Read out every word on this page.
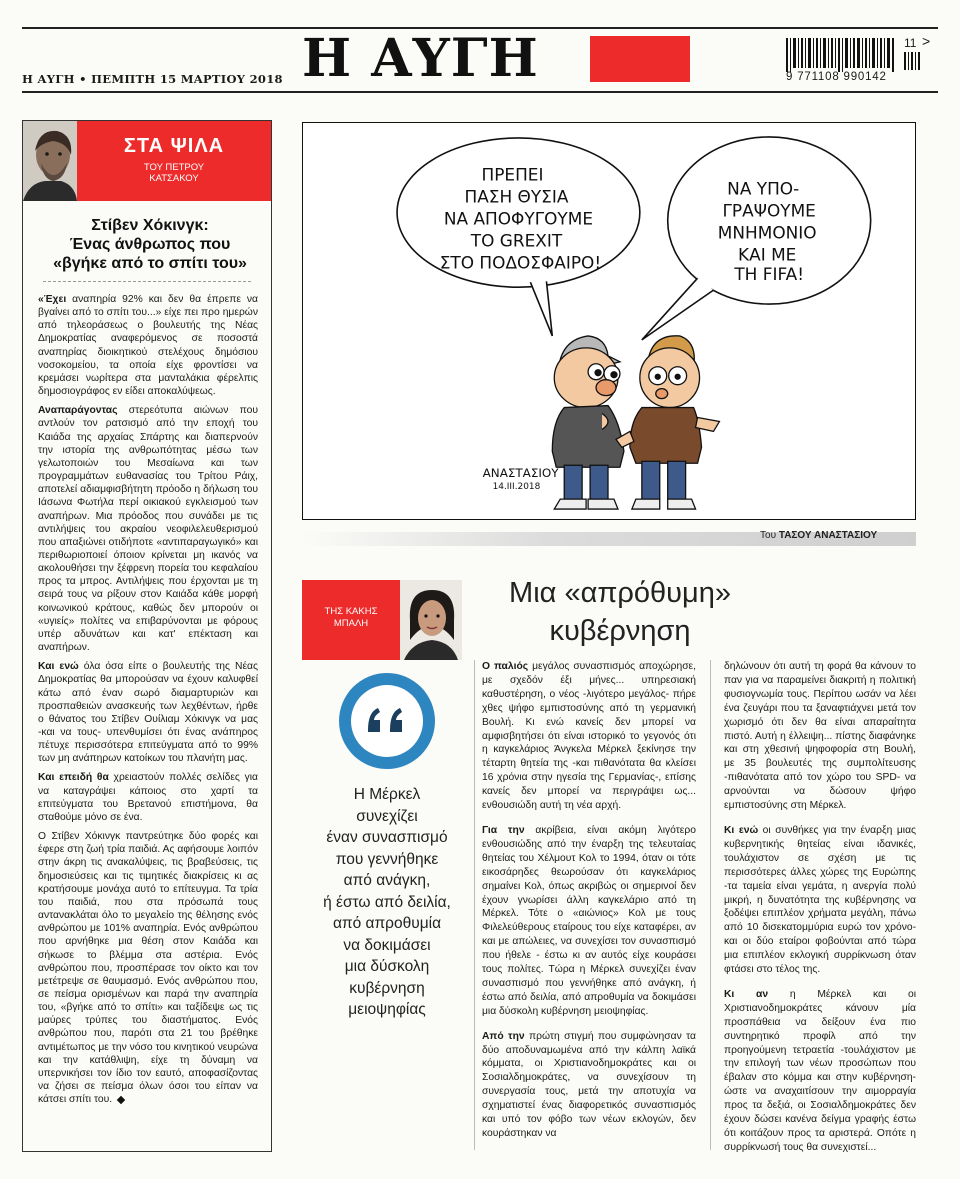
Η ΑΥΓΗ
Η ΑΥΓΗ • ΠΕΜΠΤΗ 15 ΜΑΡΤΙΟΥ 2018	9 771108 990142
11 >
ΣΤΑ ΨΙΛΑ
ΤΟΥ ΠΕΤΡΟΥ
ΚΑΤΣΑΚΟΥ
Στίβεν Χόκινγκ:
Ένας άνθρωπος που
«βγήκε από το σπίτι του»

«Έχει αναπηρία 92% και δεν θα έπρεπε να βγαίνει από το σπίτι του...» είχε πει προ ημερών από τηλεοράσεως ο βουλευτής της Νέας Δημοκρατίας αναφερόμενος σε ποσοστά αναπηρίας διοικητικού στελέχους δημόσιου νοσοκομείου, τα οποία είχε φροντίσει να κρεμάσει νωρίτερα στα μανταλάκια φέρελπις δημοσιογράφος εν είδει αποκαλύψεως.

Αναπαράγοντας στερεότυπα αιώνων που αντλούν τον ρατσισμό από την εποχή του Καιάδα της αρχαίας Σπάρτης και διαπερνούν την ιστορία της ανθρωπότητας μέσω των γελωτοποιών του Μεσαίωνα και των προγραμμάτων ευθανασίας του Τρίτου Ράιχ, αποτελεί αδιαμφισβήτητη πρόοδο η δήλωση του Ιάσωνα Φωτήλα περί οικιακού εγκλεισμού των αναπήρων. Μια πρόοδος που συνάδει με τις αντιλήψεις του ακραίου νεοφιλελευθερισμού που απαξιώνει οτιδήποτε «αντιπαραγωγικό» και περιθωριοποιεί όποιον κρίνεται μη ικανός να ακολουθήσει την ξέφρενη πορεία του κεφαλαίου προς τα μπρος. Αντιλήψεις που έρχονται με τη σειρά τους να ρίξουν στον Καιάδα κάθε μορφή κοινωνικού κράτους, καθώς δεν μπορούν οι «υγιείς» πολίτες να επιβαρύνονται με φόρους υπέρ αδυνάτων και κατ' επέκταση και αναπήρων.

Και ενώ όλα όσα είπε ο βουλευτής της Νέας Δημοκρατίας θα μπορούσαν να έχουν καλυφθεί κάτω από έναν σωρό διαμαρτυριών και προσπαθειών ανασκευής των λεχθέντων, ήρθε ο θάνατος του Στίβεν Ουίλιαμ Χόκινγκ να μας -και να τους- υπενθυμίσει ότι ένας ανάπηρος πέτυχε περισσότερα επιτεύγματα από το 99% των μη ανάπηρων κατοίκων του πλανήτη μας.

Και επειδή θα χρειαστούν πολλές σελίδες για να καταγράψει κάποιος στο χαρτί τα επιτεύγματα του Βρετανού επιστήμονα, θα σταθούμε μόνο σε ένα.

Ο Στίβεν Χόκινγκ παντρεύτηκε δύο φορές και έφερε στη ζωή τρία παιδιά. Ας αφήσουμε λοιπόν στην άκρη τις ανακαλύψεις, τις βραβεύσεις, τις δημοσιεύσεις και τις τιμητικές διακρίσεις κι ας κρατήσουμε μονάχα αυτό το επίτευγμα. Τα τρία του παιδιά, που στα πρόσωπά τους αντανακλάται όλο το μεγαλείο της θέλησης ενός ανθρώπου με 101% αναπηρία. Ενός ανθρώπου που αρνήθηκε μια θέση στον Καιάδα και σήκωσε το βλέμμα στα αστέρια. Ενός ανθρώπου που, προσπέρασε τον οίκτο και τον μετέτρεψε σε θαυμασμό. Ενός ανθρώπου που, σε πείσμα ορισμένων και παρά την αναπηρία του, «βγήκε από το σπίτι» και ταξίδεψε ως τις μαύρες τρύπες του διαστήματος. Ενός ανθρώπου που, παρότι στα 21 του βρέθηκε αντιμέτωπος με την νόσο του κινητικού νευρώνα και την κατάθλιψη, είχε τη δύναμη να υπερνικήσει τον ίδιο τον εαυτό, αποφασίζοντας να ζήσει σε πείσμα όλων όσοι του είπαν να κάτσει σπίτι του.

ΠΡΕΠΕΙ
ΠΑΣΗ ΘΥΣΙΑ
ΝΑ ΑΠΟΦΥΓΟΥΜΕ
ΤΟ GREXIT
ΣΤΟ ΠΟΔΟΣΦΑΙΡΟ!
ΝΑ ΥΠΟ-
ΓΡΑΨΟΥΜΕ
ΜΝΗΜΟΝΙΟ
ΚΑΙ ΜΕ
ΤΗ FIFA!
ΑΝΑΣΤΑΣΙΟΥ
14.III.2018
Του ΤΑΣΟΥ ΑΝΑΣΤΑΣΙΟΥ
ΤΗΣ ΚΑΚΗΣ
ΜΠΑΛΗ
Μια «απρόθυμη»
κυβέρνηση
Η Μέρκελ
συνεχίζει
έναν συνασπισμό
που γεννήθηκε
από ανάγκη,
ή έστω από δειλία,
από απροθυμία
να δοκιμάσει
μια δύσκολη
κυβέρνηση
μειοψηφίας

Ο παλιός μεγάλος συνασπισμός αποχώρησε, με σχεδόν έξι μήνες... υπηρεσιακή καθυστέρηση, ο νέος -λιγότερο μεγάλος- πήρε χθες ψήφο εμπιστοσύνης από τη γερμανική Βουλή. Κι ενώ κανείς δεν μπορεί να αμφισβητήσει ότι είναι ιστορικό το γεγονός ότι η καγκελάριος Άνγκελα Μέρκελ ξεκίνησε την τέταρτη θητεία της -και πιθανότατα θα κλείσει 16 χρόνια στην ηγεσία της Γερμανίας-, επίσης κανείς δεν μπορεί να περιγράψει ως... ενθουσιώδη αυτή τη νέα αρχή.

Για την ακρίβεια, είναι ακόμη λιγότερο ενθουσιώδης από την έναρξη της τελευταίας θητείας του Χέλμουτ Κολ το 1994, όταν οι τότε εικοσάρηδες θεωρούσαν ότι καγκελάριος σημαίνει Κολ, όπως ακριβώς οι σημερινοί δεν έχουν γνωρίσει άλλη καγκελάριο από τη Μέρκελ. Τότε ο «αιώνιος» Κολ με τους Φιλελεύθερους εταίρους του είχε καταφέρει, αν και με απώλειες, να συνεχίσει τον συνασπισμό που ήθελε - έστω κι αν αυτός είχε κουράσει τους πολίτες. Τώρα η Μέρκελ συνεχίζει έναν συνασπισμό που γεννήθηκε από ανάγκη, ή έστω από δειλία, από απροθυμία να δοκιμάσει μια δύσκολη κυβέρνηση μειοψηφίας.

Από την πρώτη στιγμή που συμφώνησαν τα δύο αποδυναμωμένα από την κάλπη λαϊκά κόμματα, οι Χριστιανοδημοκράτες και οι Σοσιαλδημοκράτες, να συνεχίσουν τη συνεργασία τους, μετά την αποτυχία να σχηματιστεί ένας διαφορετικός συνασπισμός και υπό τον φόβο των νέων εκλογών, δεν κουράστηκαν να

δηλώνουν ότι αυτή τη φορά θα κάνουν το παν για να παραμείνει διακριτή η πολιτική φυσιογνωμία τους. Περίπου ωσάν να λέει ένα ζευγάρι που τα ξαναφτιάχνει μετά τον χωρισμό ότι δεν θα είναι απαραίτητα πιστό. Αυτή η έλλειψη... πίστης διαφάνηκε και στη χθεσινή ψηφοφορία στη Βουλή, με 35 βουλευτές της συμπολίτευσης -πιθανότατα από τον χώρο του SPD- να αρνούνται να δώσουν ψήφο εμπιστοσύνης στη Μέρκελ.

Κι ενώ οι συνθήκες για την έναρξη μιας κυβερνητικής θητείας είναι ιδανικές, τουλάχιστον σε σχέση με τις περισσότερες άλλες χώρες της Ευρώπης -τα ταμεία είναι γεμάτα, η ανεργία πολύ μικρή, η δυνατότητα της κυβέρνησης να ξοδέψει επιπλέον χρήματα μεγάλη, πάνω από 10 δισεκατομμύρια ευρώ τον χρόνο- και οι δύο εταίροι φοβούνται από τώρα μια επιπλέον εκλογική συρρίκνωση όταν φτάσει στο τέλος της.

Κι αν η Μέρκελ και οι Χριστιανοδημοκράτες κάνουν μία προσπάθεια να δείξουν ένα πιο συντηρητικό προφίλ από την προηγούμενη τετραετία -τουλάχιστον με την επιλογή των νέων προσώπων που έβαλαν στο κόμμα και στην κυβέρνηση- ώστε να αναχαιτίσουν την αιμορραγία προς τα δεξιά, οι Σοσιαλδημοκράτες δεν έχουν δώσει κανένα δείγμα γραφής έστω ότι κοιτάζουν προς τα αριστερά. Οπότε η συρρίκνωσή τους θα συνεχιστεί...
